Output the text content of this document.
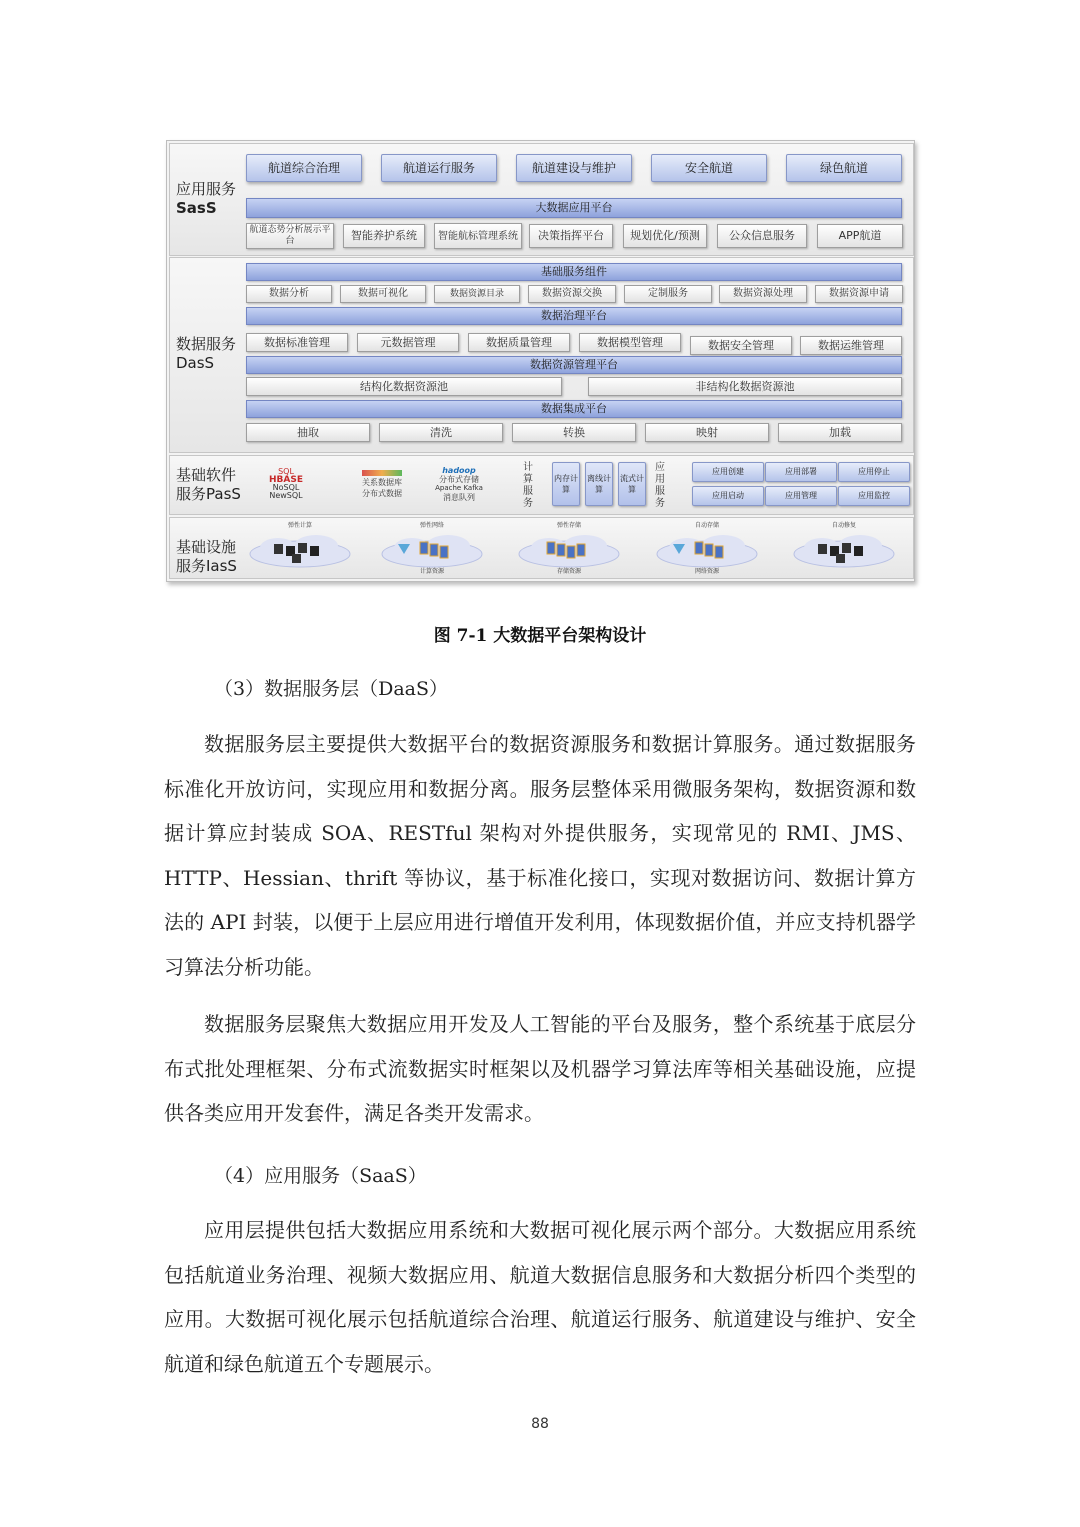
应用服务
SasS
航道综合治理	航道运行服务	航道建设与维护	安全航道	绿色航道
大数据应用平台
航道态势分析展示平台	智能养护系统	智能航标管理系统	决策指挥平台	规划优化/预测	公众信息服务	APP航道
数据服务
DasS
基础服务组件
数据分析	数据可视化	数据资源目录	数据资源交换	定制服务	数据资源处理	数据资源申请
数据治理平台
数据标准管理	元数据管理	数据质量管理	数据模型管理	数据安全管理	数据运维管理
数据资源管理平台
结构化数据资源池	非结构化数据资源池
数据集成平台
抽取	清洗	转换	映射	加载
基础软件
服务PasS
SQL
HBASE
NoSQL
NewSQL
关系数据库
分布式数据
hadoop
分布式存储
Apache Kafka
消息队列
计算服务
内存计算
离线计算
流式计算
应用服务
应用创建	应用部署	应用停止
应用启动	应用管理	应用监控
基础设施
服务IasS
弹性计算	弹性网络
计算资源
弹性存储
存储资源
自动存储
网络资源
自动修复
图 7-1 大数据平台架构设计
（3）数据服务层（DaaS）

数据服务层主要提供大数据平台的数据资源服务和数据计算服务。通过数据服务标准化开放访问，实现应用和数据分离。服务层整体采用微服务架构，数据资源和数据计算应封装成 SOA、RESTful 架构对外提供服务，实现常见的 RMI、JMS、HTTP、Hessian、thrift 等协议，基于标准化接口，实现对数据访问、数据计算方法的 API 封装，以便于上层应用进行增值开发利用，体现数据价值，并应支持机器学习算法分析功能。

数据服务层聚焦大数据应用开发及人工智能的平台及服务，整个系统基于底层分布式批处理框架、分布式流数据实时框架以及机器学习算法库等相关基础设施，应提供各类应用开发套件，满足各类开发需求。

（4）应用服务（SaaS）

应用层提供包括大数据应用系统和大数据可视化展示两个部分。大数据应用系统包括航道业务治理、视频大数据应用、航道大数据信息服务和大数据分析四个类型的应用。大数据可视化展示包括航道综合治理、航道运行服务、航道建设与维护、安全航道和绿色航道五个专题展示。

88
